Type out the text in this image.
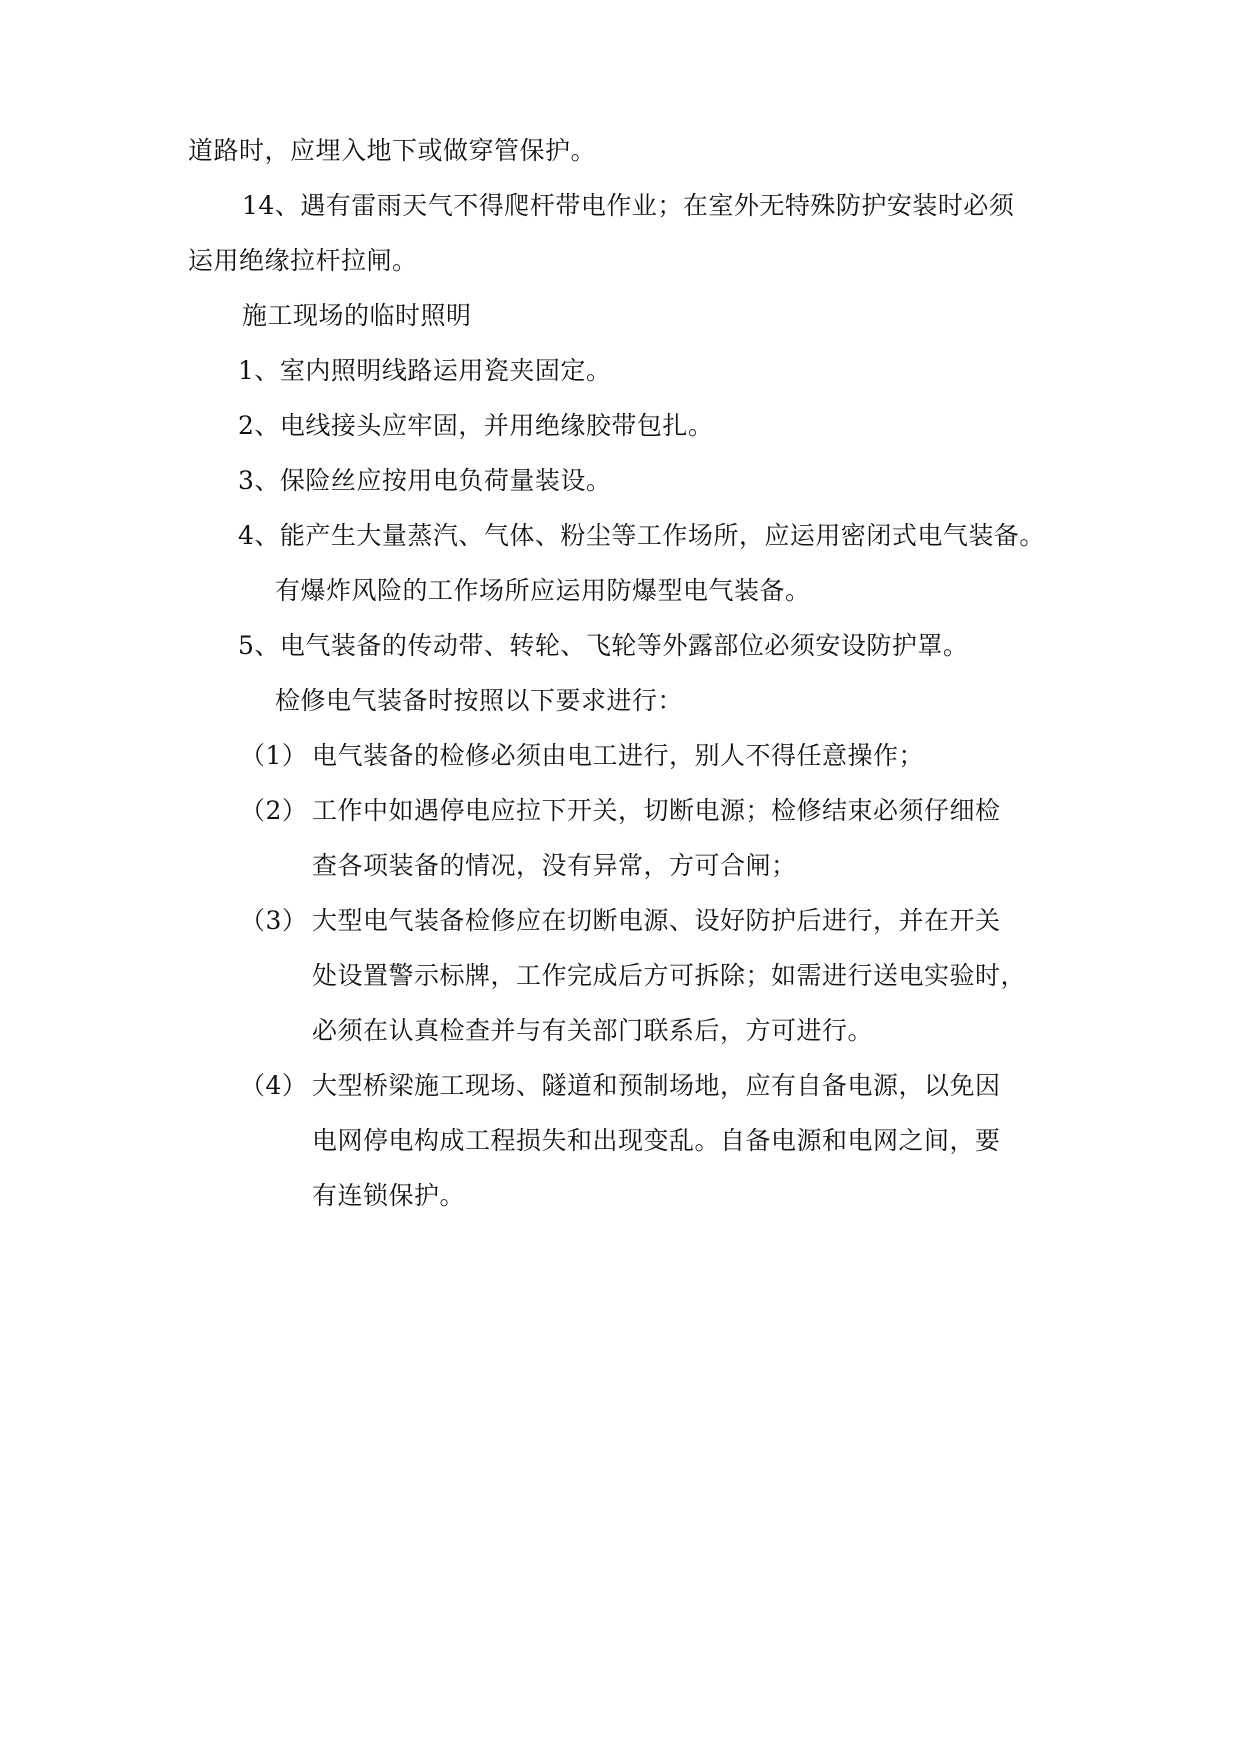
道路时，应埋入地下或做穿管保护。
14、遇有雷雨天气不得爬杆带电作业；在室外无特殊防护安装时必须
运用绝缘拉杆拉闸。
施工现场的临时照明
1、室内照明线路运用瓷夹固定。
2、电线接头应牢固，并用绝缘胶带包扎。
3、保险丝应按用电负荷量装设。
4、能产生大量蒸汽、气体、粉尘等工作场所，应运用密闭式电气装备。
有爆炸风险的工作场所应运用防爆型电气装备。
5、电气装备的传动带、转轮、飞轮等外露部位必须安设防护罩。
检修电气装备时按照以下要求进行：
（1） 电气装备的检修必须由电工进行，别人不得任意操作；
（2） 工作中如遇停电应拉下开关，切断电源；检修结束必须仔细检
查各项装备的情况，没有异常，方可合闸；
（3） 大型电气装备检修应在切断电源、设好防护后进行，并在开关
处设置警示标牌，工作完成后方可拆除；如需进行送电实验时，
必须在认真检查并与有关部门联系后，方可进行。
（4） 大型桥梁施工现场、隧道和预制场地，应有自备电源，以免因
电网停电构成工程损失和出现变乱。自备电源和电网之间，要
有连锁保护。
